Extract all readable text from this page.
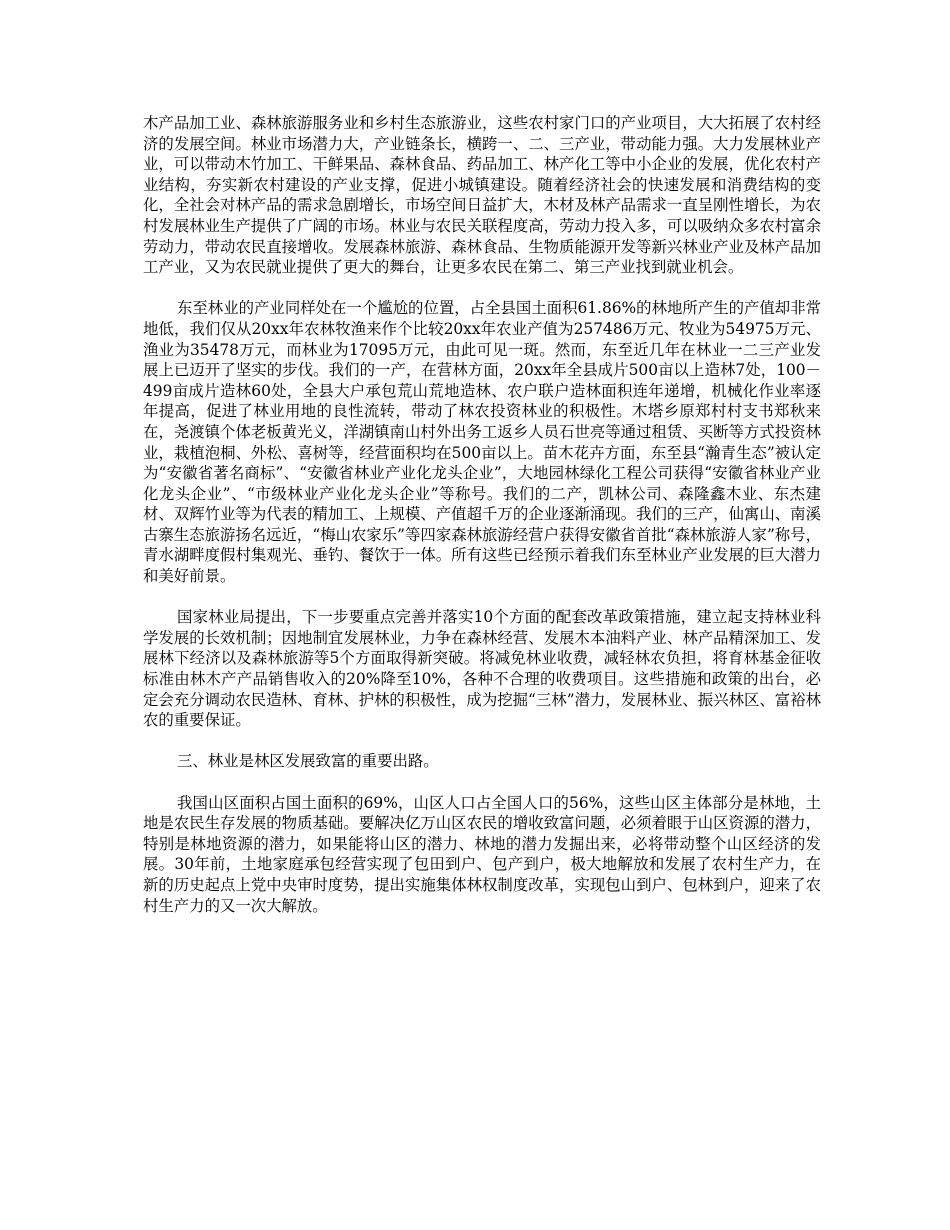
木产品加工业、森林旅游服务业和乡村生态旅游业，这些农村家门口的产业项目，大大拓展了农村经济的发展空间。林业市场潜力大，产业链条长，横跨一、二、三产业，带动能力强。大力发展林业产业，可以带动木竹加工、干鲜果品、森林食品、药品加工、林产化工等中小企业的发展，优化农村产业结构，夯实新农村建设的产业支撑，促进小城镇建设。随着经济社会的快速发展和消费结构的变化，全社会对林产品的需求急剧增长，市场空间日益扩大，木材及林产品需求一直呈刚性增长，为农村发展林业生产提供了广阔的市场。林业与农民关联程度高，劳动力投入多，可以吸纳众多农村富余劳动力，带动农民直接增收。发展森林旅游、森林食品、生物质能源开发等新兴林业产业及林产品加工产业，又为农民就业提供了更大的舞台，让更多农民在第二、第三产业找到就业机会。

东至林业的产业同样处在一个尴尬的位置，占全县国土面积61.86%的林地所产生的产值却非常地低，我们仅从20xx年农林牧渔来作个比较20xx年农业产值为257486万元、牧业为54975万元、渔业为35478万元，而林业为17095万元，由此可见一斑。然而，东至近几年在林业一二三产业发展上已迈开了坚实的步伐。我们的一产，在营林方面，20xx年全县成片500亩以上造林7处，100－499亩成片造林60处，全县大户承包荒山荒地造林、农户联户造林面积连年递增，机械化作业率逐年提高，促进了林业用地的良性流转，带动了林农投资林业的积极性。木塔乡原郑村村支书郑秋来在，尧渡镇个体老板黄光义，洋湖镇南山村外出务工返乡人员石世亮等通过租赁、买断等方式投资林业，栽植泡桐、外松、喜树等，经营面积均在500亩以上。苗木花卉方面，东至县“瀚青生态”被认定为“安徽省著名商标”、“安徽省林业产业化龙头企业”，大地园林绿化工程公司获得“安徽省林业产业化龙头企业”、“市级林业产业化龙头企业”等称号。我们的二产，凯林公司、森隆鑫木业、东杰建材、双辉竹业等为代表的精加工、上规模、产值超千万的企业逐渐涌现。我们的三产，仙寓山、南溪古寨生态旅游扬名远近，“梅山农家乐”等四家森林旅游经营户获得安徽省首批“森林旅游人家”称号，青水湖畔度假村集观光、垂钓、餐饮于一体。所有这些已经预示着我们东至林业产业发展的巨大潜力和美好前景。

国家林业局提出，下一步要重点完善并落实10个方面的配套改革政策措施，建立起支持林业科学发展的长效机制；因地制宜发展林业，力争在森林经营、发展木本油料产业、林产品精深加工、发展林下经济以及森林旅游等5个方面取得新突破。将减免林业收费，减轻林农负担，将育林基金征收标准由林木产产品销售收入的20%降至10%，各种不合理的收费项目。这些措施和政策的出台，必定会充分调动农民造林、育林、护林的积极性，成为挖掘“三林”潜力，发展林业、振兴林区、富裕林农的重要保证。

三、林业是林区发展致富的重要出路。

我国山区面积占国土面积的69%，山区人口占全国人口的56%，这些山区主体部分是林地，土地是农民生存发展的物质基础。要解决亿万山区农民的增收致富问题，必须着眼于山区资源的潜力，特别是林地资源的潜力，如果能将山区的潜力、林地的潜力发掘出来，必将带动整个山区经济的发展。30年前，土地家庭承包经营实现了包田到户、包产到户，极大地解放和发展了农村生产力，在新的历史起点上党中央审时度势，提出实施集体林权制度改革，实现包山到户、包林到户，迎来了农村生产力的又一次大解放。
